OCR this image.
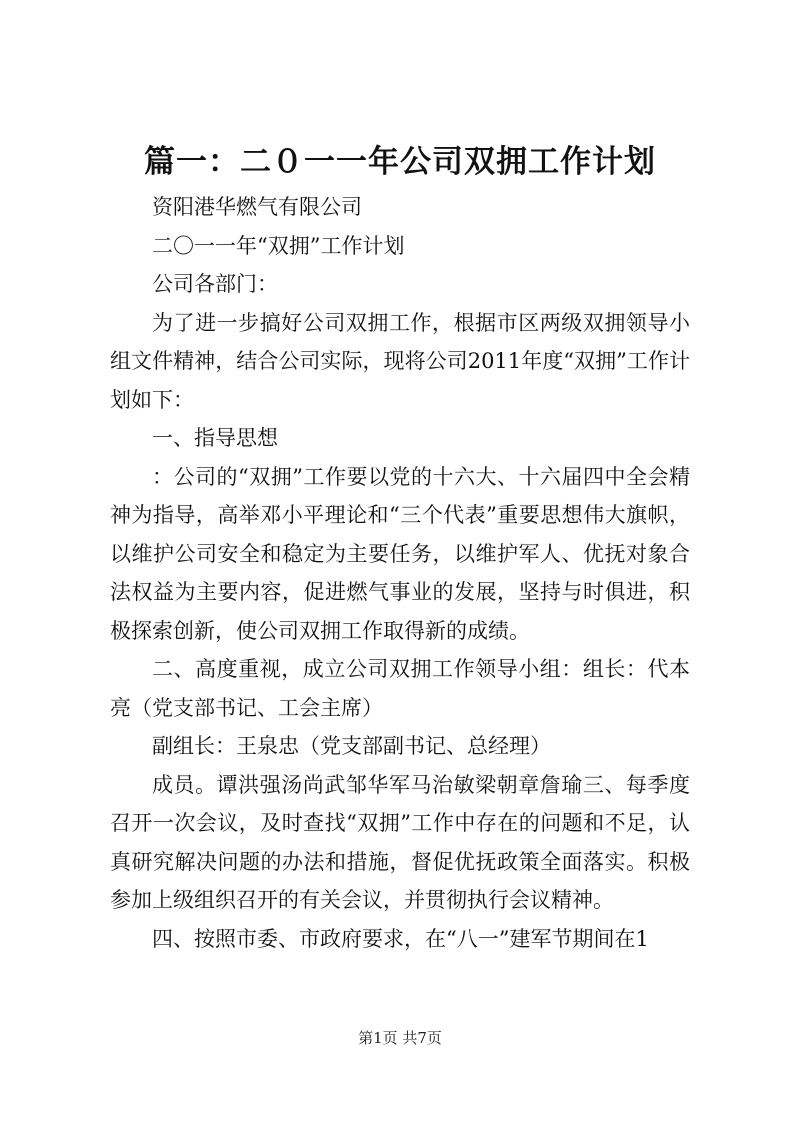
篇一：二０一一年公司双拥工作计划

资阳港华燃气有限公司

二〇一一年“双拥”工作计划

公司各部门：

为了进一步搞好公司双拥工作，根据市区两级双拥领导小组文件精神，结合公司实际，现将公司2011年度“双拥”工作计划如下：

一、指导思想

：公司的“双拥”工作要以党的十六大、十六届四中全会精神为指导，高举邓小平理论和“三个代表”重要思想伟大旗帜，以维护公司安全和稳定为主要任务，以维护军人、优抚对象合法权益为主要内容，促进燃气事业的发展，坚持与时俱进，积极探索创新，使公司双拥工作取得新的成绩。

二、高度重视，成立公司双拥工作领导小组：组长：代本亮（党支部书记、工会主席）

副组长：王泉忠（党支部副书记、总经理）

成员。谭洪强汤尚武邹华军马治敏梁朝章詹瑜三、每季度召开一次会议，及时查找“双拥”工作中存在的问题和不足，认真研究解决问题的办法和措施，督促优抚政策全面落实。积极参加上级组织召开的有关会议，并贯彻执行会议精神。

四、按照市委、市政府要求，在“八一”建军节期间在1

第1页 共7页
